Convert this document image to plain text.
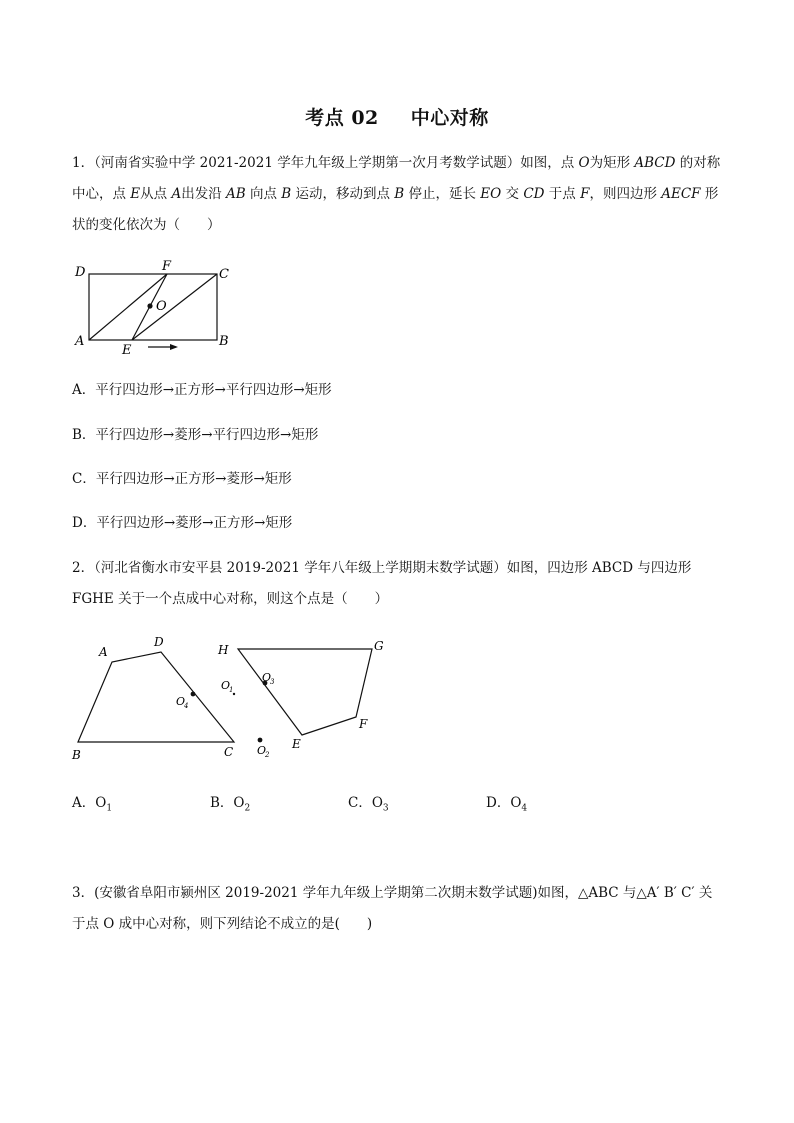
考点 02 中心对称
1．（河南省实验中学 2021-2021 学年九年级上学期第一次月考数学试题）如图，点 O为矩形 ABCD 的对称中心，点 E从点 A出发沿 AB 向点 B 运动，移动到点 B 停止，延长 EO 交 CD 于点 F，则四边形 AECF 形状的变化依次为（　　）
D	F
C
O
A
E
B
A．平行四边形→正方形→平行四边形→矩形
B．平行四边形→菱形→平行四边形→矩形
C．平行四边形→正方形→菱形→矩形
D．平行四边形→菱形→正方形→矩形
2．（河北省衡水市安平县 2019-2021 学年八年级上学期期末数学试题）如图，四边形 ABCD 与四边形 FGHE 关于一个点成中心对称，则这个点是（　　）
A
D
B	C
H	G
F
E
O
4
O
3
O
1
O
2
A．$O_1$	B．$O_2$	C．$O_3$	D．$O_4$
3．(安徽省阜阳市颍州区 2019-2021 学年九年级上学期第二次期末数学试题)如图，△ABC 与△A′ B′ C′ 关于点 O 成中心对称，则下列结论不成立的是(　　)
